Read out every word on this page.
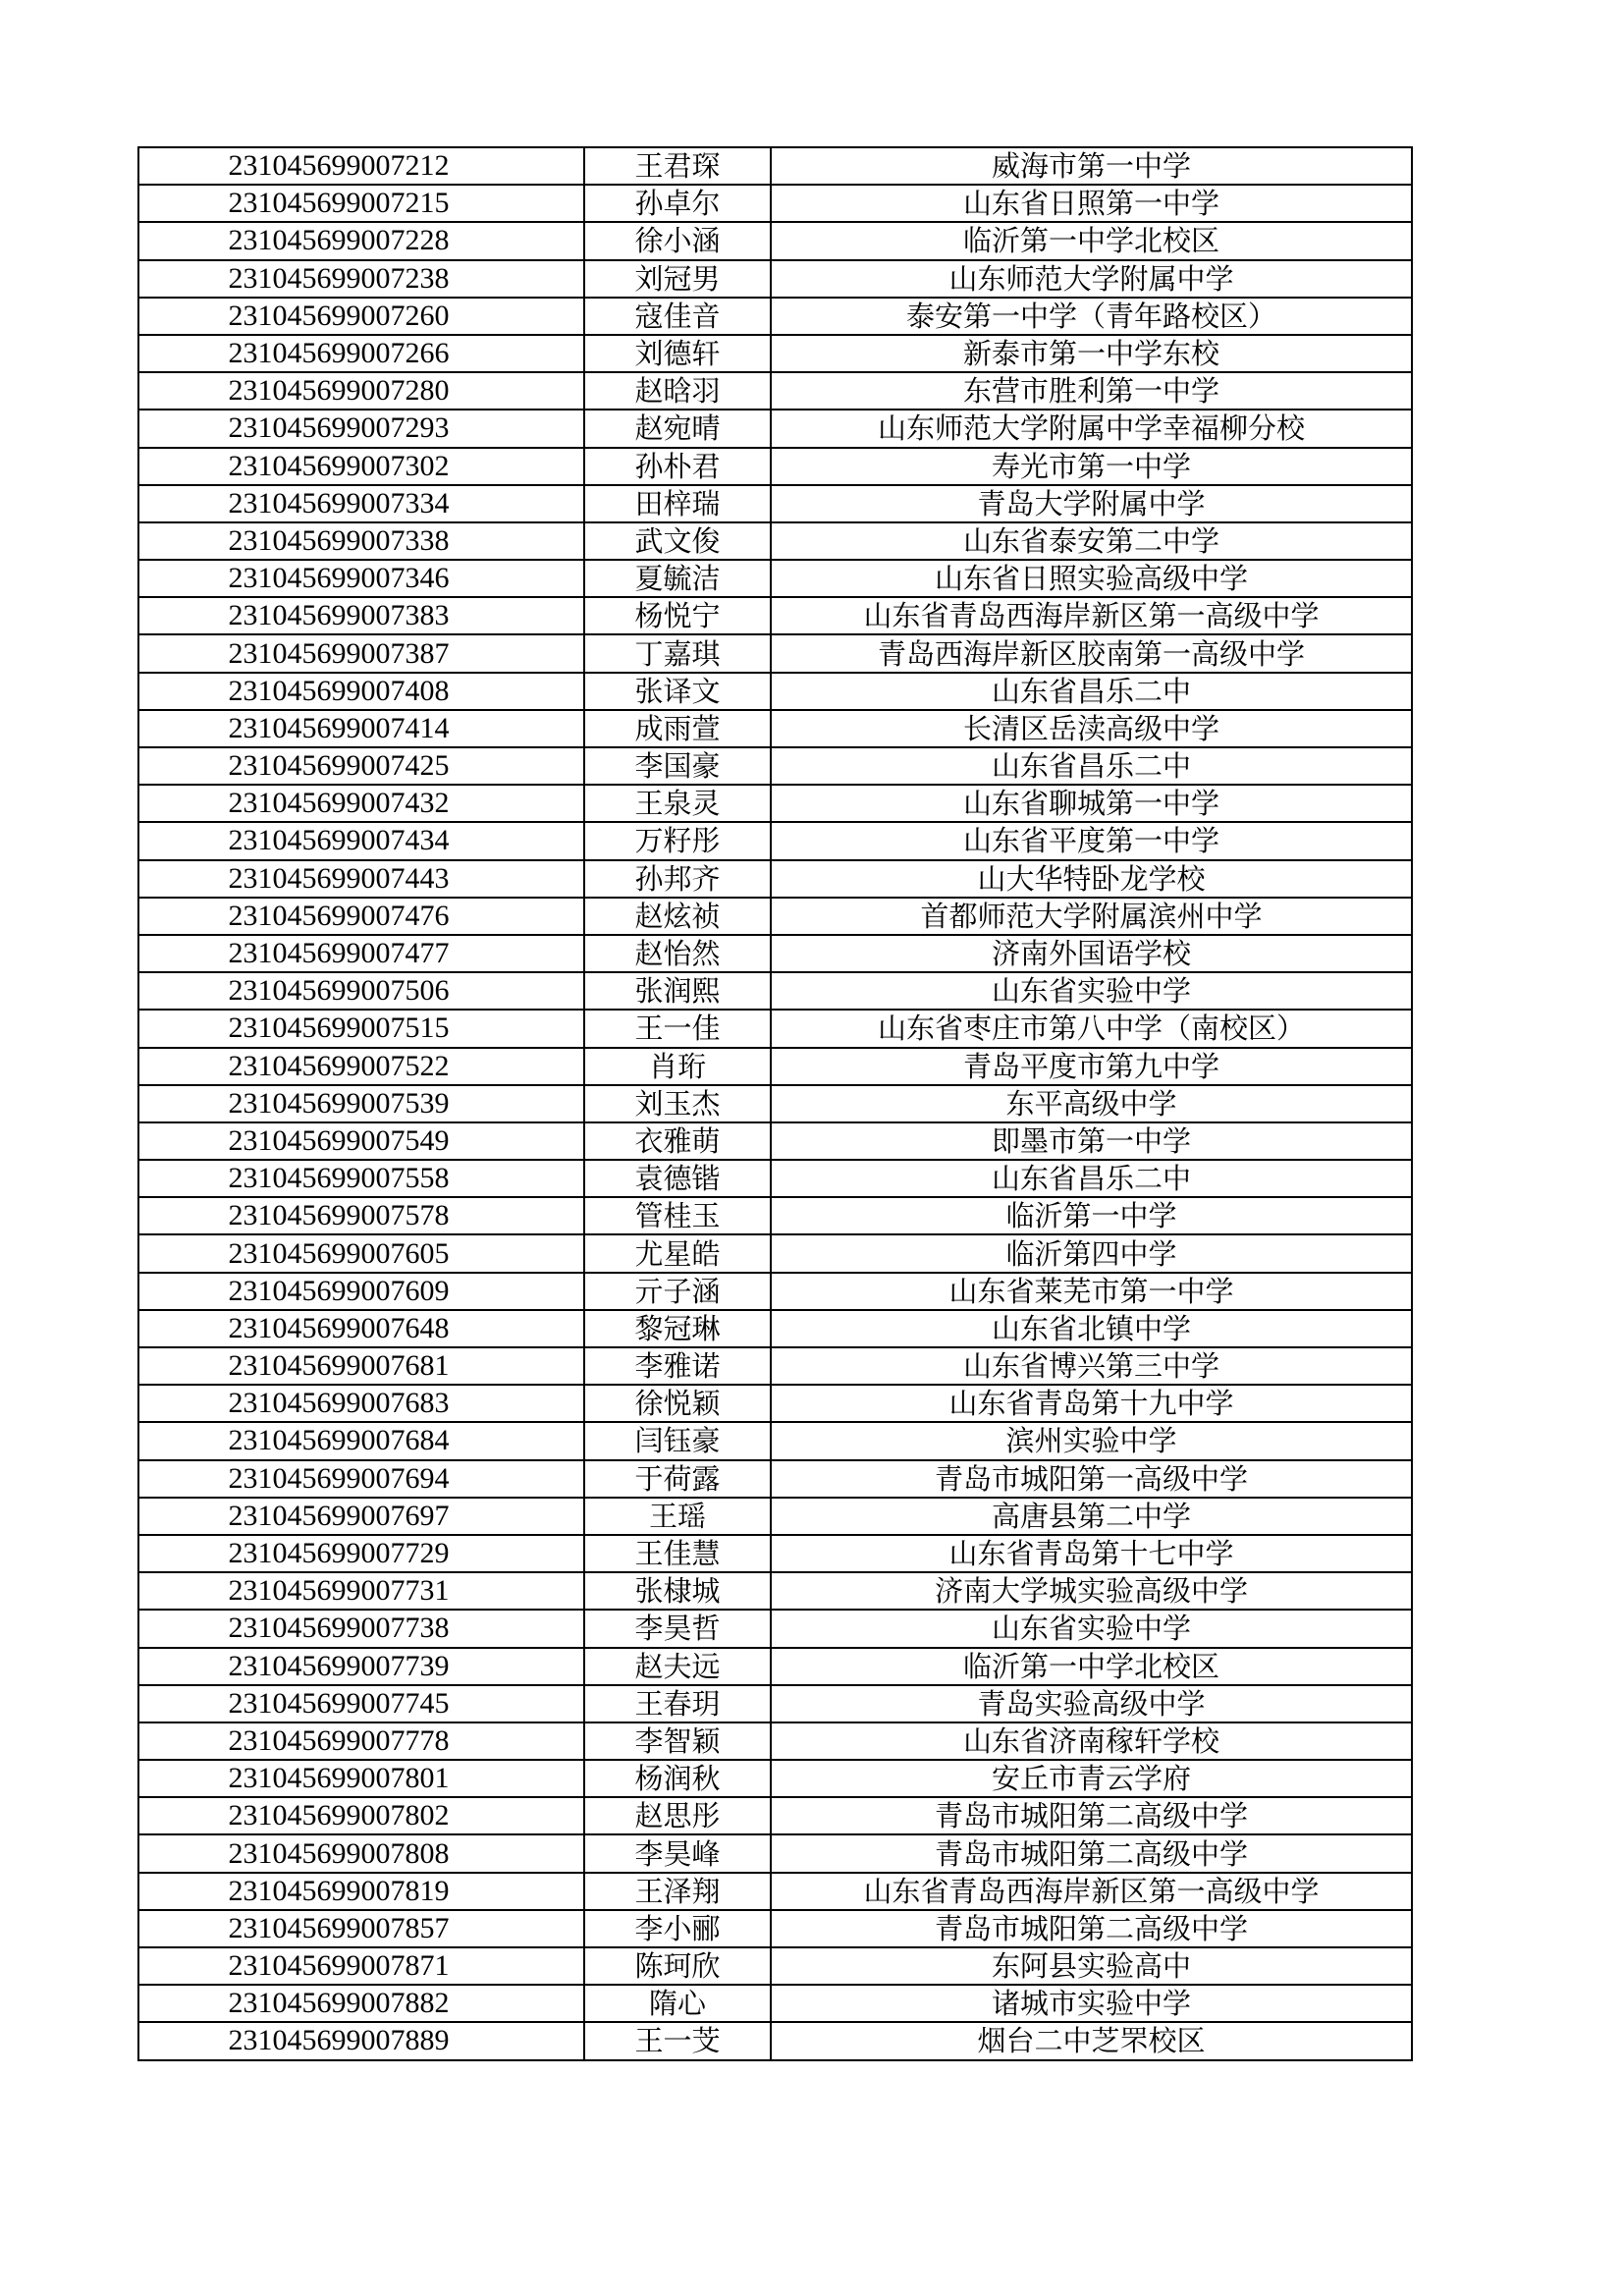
231045699007212	王君琛	威海市第一中学
231045699007215	孙卓尔	山东省日照第一中学
231045699007228	徐小涵	临沂第一中学北校区
231045699007238	刘冠男	山东师范大学附属中学
231045699007260	寇佳音	泰安第一中学（青年路校区）
231045699007266	刘德轩	新泰市第一中学东校
231045699007280	赵晗羽	东营市胜利第一中学
231045699007293	赵宛晴	山东师范大学附属中学幸福柳分校
231045699007302	孙朴君	寿光市第一中学
231045699007334	田梓瑞	青岛大学附属中学
231045699007338	武文俊	山东省泰安第二中学
231045699007346	夏毓洁	山东省日照实验高级中学
231045699007383	杨悦宁	山东省青岛西海岸新区第一高级中学
231045699007387	丁嘉琪	青岛西海岸新区胶南第一高级中学
231045699007408	张译文	山东省昌乐二中
231045699007414	成雨萱	长清区岳渎高级中学
231045699007425	李国豪	山东省昌乐二中
231045699007432	王泉灵	山东省聊城第一中学
231045699007434	万籽彤	山东省平度第一中学
231045699007443	孙邦齐	山大华特卧龙学校
231045699007476	赵炫祯	首都师范大学附属滨州中学
231045699007477	赵怡然	济南外国语学校
231045699007506	张润熙	山东省实验中学
231045699007515	王一佳	山东省枣庄市第八中学（南校区）
231045699007522	肖珩	青岛平度市第九中学
231045699007539	刘玉杰	东平高级中学
231045699007549	衣雅萌	即墨市第一中学
231045699007558	袁德锴	山东省昌乐二中
231045699007578	管桂玉	临沂第一中学
231045699007605	尤星皓	临沂第四中学
231045699007609	亓子涵	山东省莱芜市第一中学
231045699007648	黎冠琳	山东省北镇中学
231045699007681	李雅诺	山东省博兴第三中学
231045699007683	徐悦颖	山东省青岛第十九中学
231045699007684	闫钰豪	滨州实验中学
231045699007694	于荷露	青岛市城阳第一高级中学
231045699007697	王瑶	高唐县第二中学
231045699007729	王佳慧	山东省青岛第十七中学
231045699007731	张棣城	济南大学城实验高级中学
231045699007738	李昊哲	山东省实验中学
231045699007739	赵夫远	临沂第一中学北校区
231045699007745	王春玥	青岛实验高级中学
231045699007778	李智颖	山东省济南稼轩学校
231045699007801	杨润秋	安丘市青云学府
231045699007802	赵思彤	青岛市城阳第二高级中学
231045699007808	李昊峰	青岛市城阳第二高级中学
231045699007819	王泽翔	山东省青岛西海岸新区第一高级中学
231045699007857	李小郦	青岛市城阳第二高级中学
231045699007871	陈珂欣	东阿县实验高中
231045699007882	隋心	诸城市实验中学
231045699007889	王一芠	烟台二中芝罘校区
